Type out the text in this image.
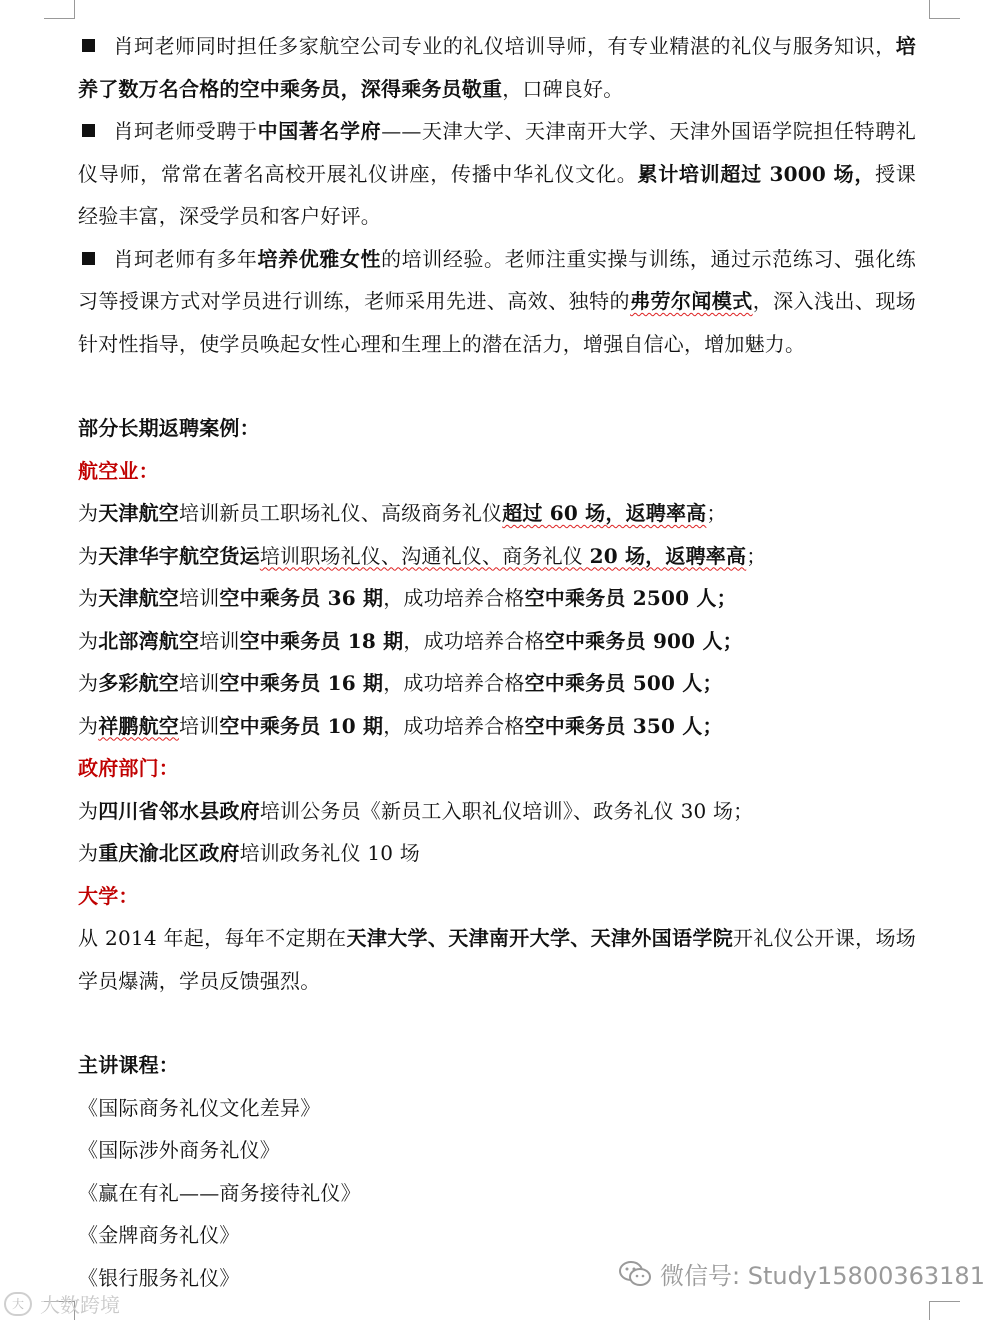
肖珂老师同时担任多家航空公司专业的礼仪培训导师，有专业精湛的礼仪与服务知识，培养了数万名合格的空中乘务员，深得乘务员敬重，口碑良好。

肖珂老师受聘于中国著名学府——天津大学、天津南开大学、天津外国语学院担任特聘礼仪导师，常常在著名高校开展礼仪讲座，传播中华礼仪文化。累计培训超过 3000 场，授课经验丰富，深受学员和客户好评。

肖珂老师有多年培养优雅女性的培训经验。老师注重实操与训练，通过示范练习、强化练习等授课方式对学员进行训练，老师采用先进、高效、独特的弗劳尔闻模式，深入浅出、现场针对性指导，使学员唤起女性心理和生理上的潜在活力，增强自信心，增加魅力。

部分长期返聘案例：

航空业：

为天津航空培训新员工职场礼仪、高级商务礼仪超过 60 场，返聘率高；

为天津华宇航空货运培训职场礼仪、沟通礼仪、商务礼仪 20 场，返聘率高；

为天津航空培训空中乘务员 36 期，成功培养合格空中乘务员 2500 人；

为北部湾航空培训空中乘务员 18 期，成功培养合格空中乘务员 900 人；

为多彩航空培训空中乘务员 16 期，成功培养合格空中乘务员 500 人；

为祥鹏航空培训空中乘务员 10 期，成功培养合格空中乘务员 350 人；

政府部门：

为四川省邻水县政府培训公务员《新员工入职礼仪培训》、政务礼仪 30 场；

为重庆渝北区政府培训政务礼仪 10 场

大学：

从 2014 年起，每年不定期在天津大学、天津南开大学、天津外国语学院开礼仪公开课，场场学员爆满，学员反馈强烈。

主讲课程：

《国际商务礼仪文化差异》

《国际涉外商务礼仪》

《赢在有礼——商务接待礼仪》

《金牌商务礼仪》

《银行服务礼仪》	微信号: Study15800363181
大 大数跨境
